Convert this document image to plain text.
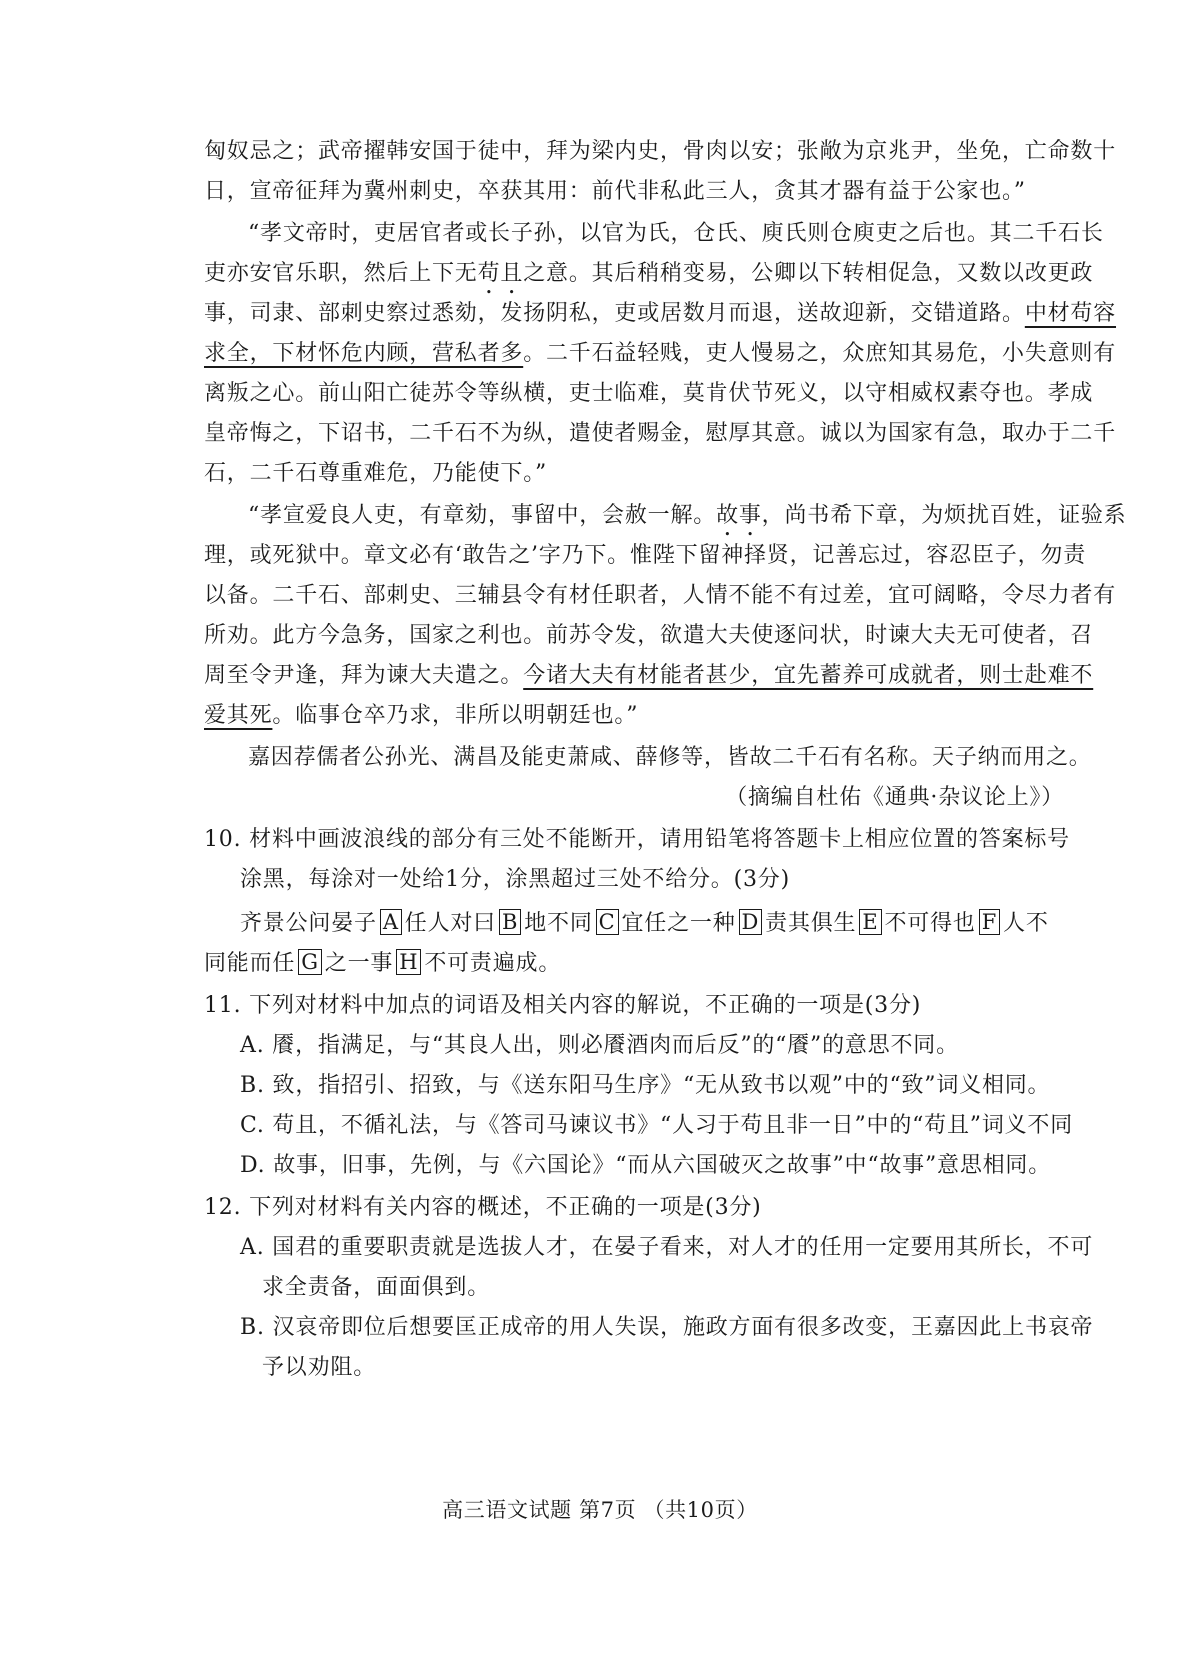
匈奴忌之；武帝擢韩安国于徒中，拜为梁内史，骨肉以安；张敞为京兆尹，坐免，亡命数十
日，宣帝征拜为冀州刺史，卒获其用：前代非私此三人，贪其才器有益于公家也。”
“孝文帝时，吏居官者或长子孙，以官为氏，仓氏、庾氏则仓庾吏之后也。其二千石长
吏亦安官乐职，然后上下无苟且之意。其后稍稍变易，公卿以下转相促急，又数以改更政
事，司隶、部刺史察过悉劾，发扬阴私，吏或居数月而退，送故迎新，交错道路。中材苟容
求全，下材怀危内顾，营私者多。二千石益轻贱，吏人慢易之，众庶知其易危，小失意则有
离叛之心。前山阳亡徒苏令等纵横，吏士临难，莫肯伏节死义，以守相威权素夺也。孝成
皇帝悔之，下诏书，二千石不为纵，遣使者赐金，慰厚其意。诚以为国家有急，取办于二千
石，二千石尊重难危，乃能使下。”
“孝宣爱良人吏，有章劾，事留中，会赦一解。故事，尚书希下章，为烦扰百姓，证验系
理，或死狱中。章文必有‘敢告之’字乃下。惟陛下留神择贤，记善忘过，容忍臣子，勿责
以备。二千石、部刺史、三辅县令有材任职者，人情不能不有过差，宜可阔略，令尽力者有
所劝。此方今急务，国家之利也。前苏令发，欲遣大夫使逐问状，时谏大夫无可使者，召
周至令尹逢，拜为谏大夫遣之。今诸大夫有材能者甚少，宜先蓄养可成就者，则士赴难不
爱其死。临事仓卒乃求，非所以明朝廷也。”
嘉因荐儒者公孙光、满昌及能吏萧咸、薛修等，皆故二千石有名称。天子纳而用之。
（摘编自杜佑《通典·杂议论上》）
10. 材料中画波浪线的部分有三处不能断开，请用铅笔将答题卡上相应位置的答案标号
涂黑，每涂对一处给1分，涂黑超过三处不给分。(3分)
齐景公问晏子 A 任人对曰 B 地不同 C 宜任之一种 D 责其俱生 E 不可得也 F 人不
同能而任 G 之一事 H 不可责遍成。
11. 下列对材料中加点的词语及相关内容的解说，不正确的一项是(3分)
A. 餍，指满足，与“其良人出，则必餍酒肉而后反”的“餍”的意思不同。
B. 致，指招引、招致，与《送东阳马生序》“无从致书以观”中的“致”词义相同。
C. 苟且，不循礼法，与《答司马谏议书》“人习于苟且非一日”中的“苟且”词义不同
D. 故事，旧事，先例，与《六国论》“而从六国破灭之故事”中“故事”意思相同。
12. 下列对材料有关内容的概述，不正确的一项是(3分)
A. 国君的重要职责就是选拔人才，在晏子看来，对人才的任用一定要用其所长，不可
求全责备，面面俱到。
B. 汉哀帝即位后想要匡正成帝的用人失误，施政方面有很多改变，王嘉因此上书哀帝
予以劝阻。
高三语文试题 第7页 （共10页）
